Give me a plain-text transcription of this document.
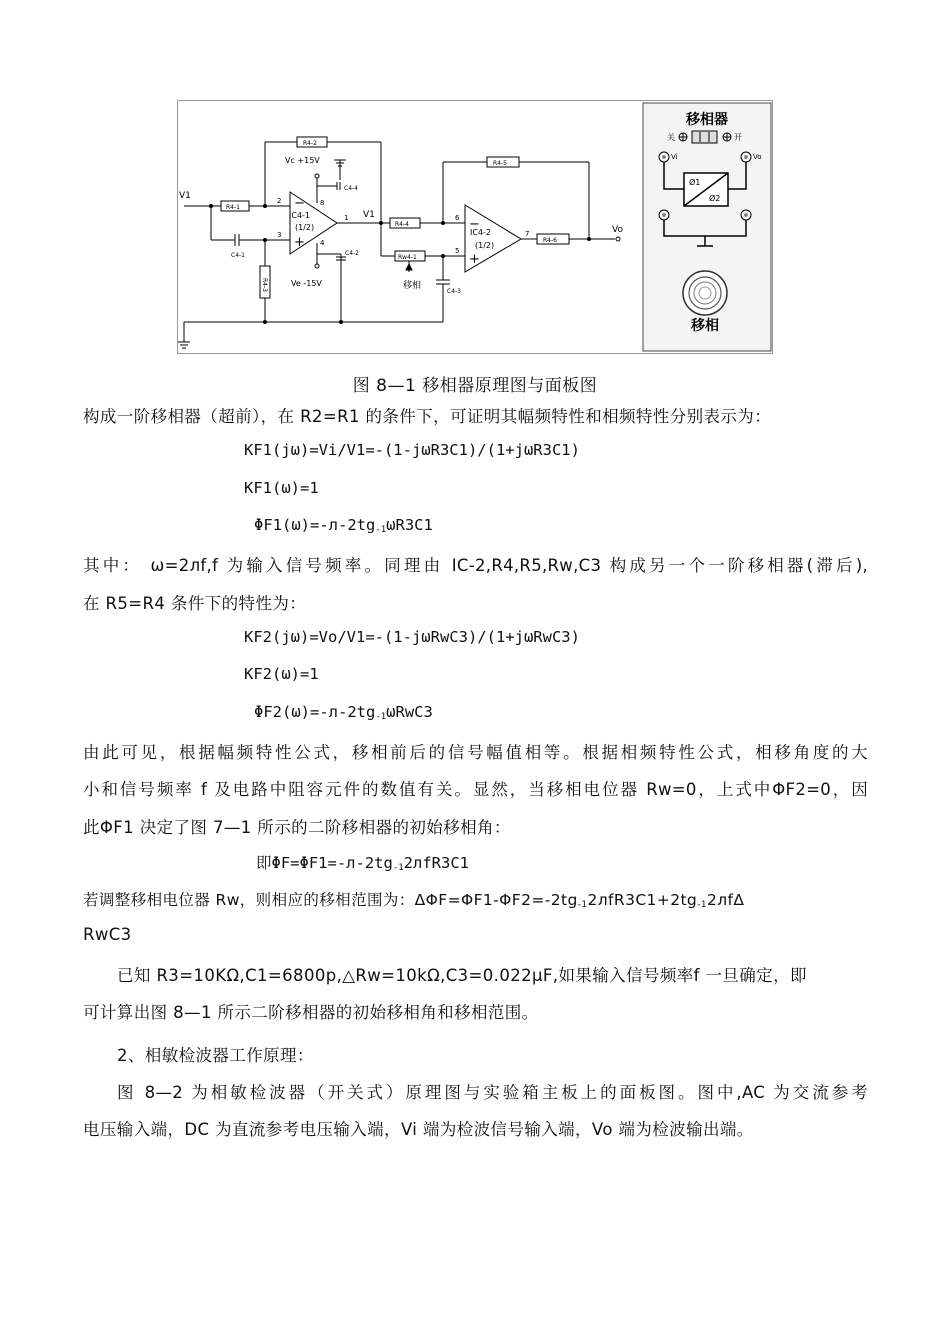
V1
R4-1
R4-2
R4-3
R4-4
R4-5
R4-6
Rw4-1
C4-1	C4-2
C4-3
C4-4
IC4-1
(1/2)
IC4-2
(1/2)
Vc +15V
Ve -15V
V1
Vo
移相
−
+
−
+
2
3
8
1
4
6
5
7
移相器
关	开
Vi	Vo
Ø1
Ø2
移相
图 8—1 移相器原理图与面板图
构成一阶移相器（超前），在 R2=R1 的条件下，可证明其幅频特性和相频特性分别表示为：
KF1(jω)=Vi/V1=-(1-jωR3C1)/(1+jωR3C1)
KF1(ω)=1
$\Phi F1(\omega)=-л-2tg_{-1}\omega R3C1$
其中： ω=2лf,f 为输入信号频率。同理由 IC-2,R4,R5,Rw,C3 构成另一个一阶移相器(滞后),
在 R5=R4 条件下的特性为：
KF2(jω)=Vo/V1=-(1-jωRwC3)/(1+jωRwC3)
KF2(ω)=1
$\Phi F2(\omega)=-л-2tg_{-1}\omega RwC3$
由此可见，根据幅频特性公式，移相前后的信号幅值相等。根据相频特性公式，相移角度的大
小和信号频率 f 及电路中阻容元件的数值有关。显然，当移相电位器 Rw=0，上式中ΦF2=0，因
此ΦF1 决定了图 7—1 所示的二阶移相器的初始移相角：
即$\Phi F=\Phi F1=-л-2tg_{-1}2лfR3C1$
若调整移相电位器 Rw，则相应的移相范围为：$\Delta\Phi F=\Phi F1-\Phi F2=-2tg_{-1}2лfR3C1+2tg_{-1}2лf\Delta$
RwC3
已知 R3=10KΩ,C1=6800p,△Rw=10kΩ,C3=0.022μF,如果输入信号频率f 一旦确定，即
可计算出图 8—1 所示二阶移相器的初始移相角和移相范围。
2、相敏检波器工作原理：
图 8—2 为相敏检波器（开关式）原理图与实验箱主板上的面板图。图中,AC 为交流参考
电压输入端，DC 为直流参考电压输入端，Vi 端为检波信号输入端，Vo 端为检波输出端。
